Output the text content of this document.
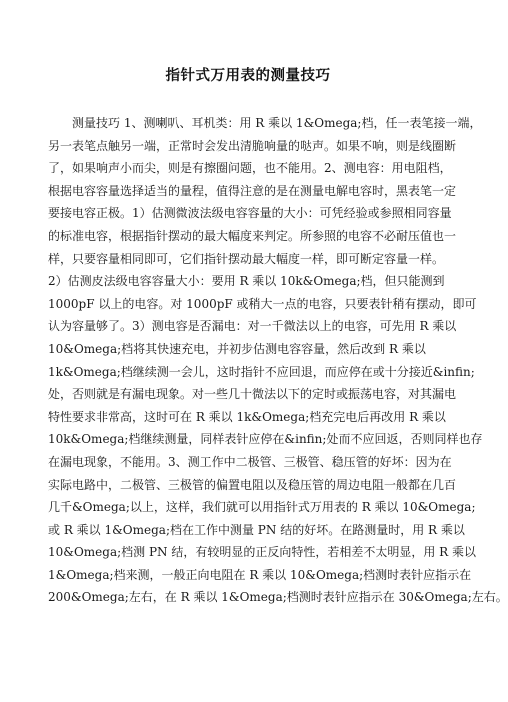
指针式万用表的测量技巧
测量技巧 1、测喇叭、耳机类：用 R 乘以 1&Omega;档，任一表笔接一端，
另一表笔点触另一端，正常时会发出清脆响量的哒声。如果不响，则是线圈断
了，如果响声小而尖，则是有擦圈问题，也不能用。2、测电容：用电阻档，
根据电容容量选择适当的量程，值得注意的是在测量电解电容时，黑表笔一定
要接电容正极。1）估测微波法级电容容量的大小：可凭经验或参照相同容量
的标准电容，根据指针摆动的最大幅度来判定。所参照的电容不必耐压值也一
样，只要容量相同即可，它们指针摆动最大幅度一样，即可断定容量一样。
2）估测皮法级电容容量大小：要用 R 乘以 10k&Omega;档，但只能测到
1000pF 以上的电容。对 1000pF 或稍大一点的电容，只要表针稍有摆动，即可
认为容量够了。3）测电容是否漏电：对一千微法以上的电容，可先用 R 乘以
10&Omega;档将其快速充电，并初步估测电容容量，然后改到 R 乘以
1k&Omega;档继续测一会儿，这时指针不应回退，而应停在或十分接近&infin;
处，否则就是有漏电现象。对一些几十微法以下的定时或振荡电容，对其漏电
特性要求非常高，这时可在 R 乘以 1k&Omega;档充完电后再改用 R 乘以
10k&Omega;档继续测量，同样表针应停在&infin;处而不应回返，否则同样也存
在漏电现象，不能用。3、测工作中二极管、三极管、稳压管的好坏：因为在
实际电路中，二极管、三极管的偏置电阻以及稳压管的周边电阻一般都在几百
几千&Omega;以上，这样，我们就可以用指针式万用表的 R 乘以 10&Omega;
或 R 乘以 1&Omega;档在工作中测量 PN 结的好坏。在路测量时，用 R 乘以
10&Omega;档测 PN 结，有较明显的正反向特性，若相差不太明显，用 R 乘以
1&Omega;档来测，一般正向电阻在 R 乘以 10&Omega;档测时表针应指示在
200&Omega;左右，在 R 乘以 1&Omega;档测时表针应指示在 30&Omega;左右。
